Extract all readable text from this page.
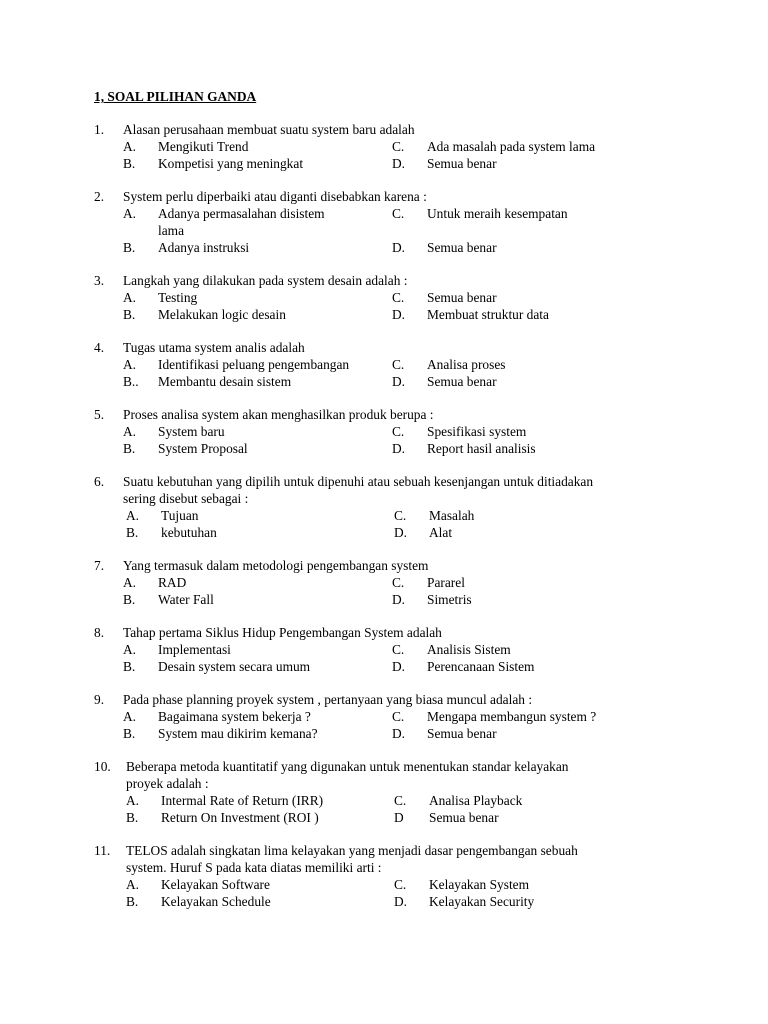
1, SOAL PILIHAN GANDA
1. Alasan perusahaan membuat suatu system baru adalah
A. Mengikuti Trend	C. Ada masalah pada system lama
B. Kompetisi yang meningkat	D. Semua benar
2. System perlu diperbaiki atau diganti disebabkan karena :
A. Adanya permasalahan disistem	C. Untuk meraih kesempatan
lama
B. Adanya instruksi	D. Semua benar
3. Langkah yang dilakukan pada system desain adalah :
A. Testing	C. Semua benar
B. Melakukan logic desain	D. Membuat struktur data
4. Tugas utama system analis adalah
A. Identifikasi peluang pengembangan	C. Analisa proses
B.. Membantu desain sistem	D. Semua benar
5. Proses analisa system akan menghasilkan produk berupa :
A. System baru	C. Spesifikasi system
B. System Proposal	D. Report hasil analisis
6. Suatu kebutuhan yang dipilih untuk dipenuhi atau sebuah kesenjangan untuk ditiadakan
sering disebut sebagai :
A. Tujuan	C. Masalah
B. kebutuhan	D. Alat
7. Yang termasuk dalam metodologi pengembangan system
A. RAD	C. Pararel
B. Water Fall	D. Simetris
8. Tahap pertama Siklus Hidup Pengembangan System adalah
A. Implementasi	C. Analisis Sistem
B. Desain system secara umum	D. Perencanaan Sistem
9. Pada phase planning proyek system , pertanyaan yang biasa muncul adalah :
A. Bagaimana system bekerja ?	C. Mengapa membangun system ?
B. System mau dikirim kemana?	D. Semua benar
10. Beberapa metoda kuantitatif yang digunakan untuk menentukan standar kelayakan
proyek adalah :
A. Intermal Rate of Return (IRR)	C. Analisa Playback
B. Return On Investment (ROI )	D Semua benar
11. TELOS adalah singkatan lima kelayakan yang menjadi dasar pengembangan sebuah
system. Huruf S pada kata diatas memiliki arti :
A. Kelayakan Software	C. Kelayakan System
B. Kelayakan Schedule	D. Kelayakan Security
